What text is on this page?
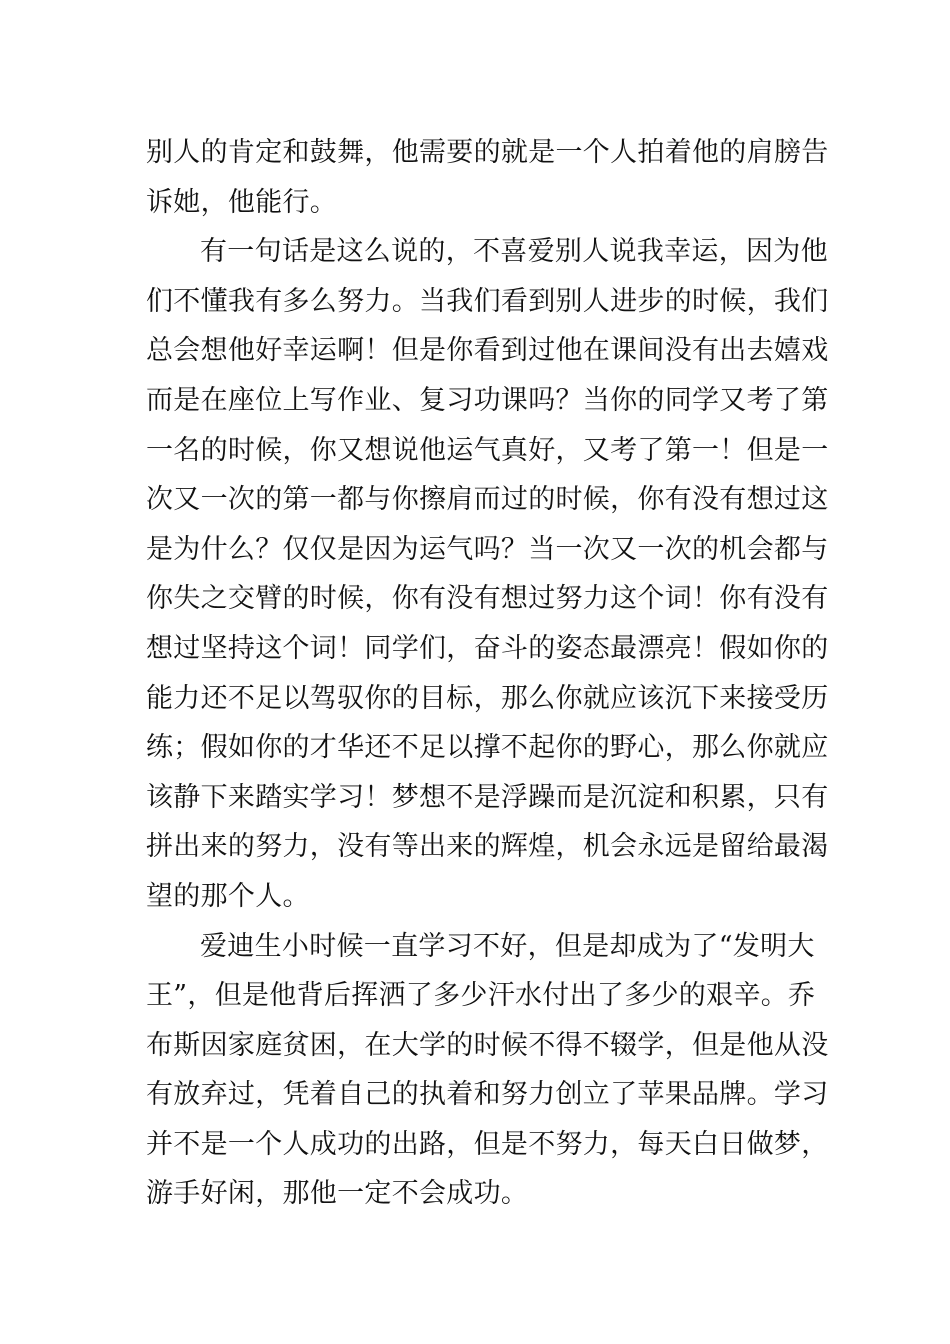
别人的肯定和鼓舞，他需要的就是一个人拍着他的肩膀告
诉她，他能行。
有一句话是这么说的，不喜爱别人说我幸运，因为他
们不懂我有多么努力。当我们看到别人进步的时候，我们
总会想他好幸运啊！但是你看到过他在课间没有出去嬉戏
而是在座位上写作业、复习功课吗？当你的同学又考了第
一名的时候，你又想说他运气真好，又考了第一！但是一
次又一次的第一都与你擦肩而过的时候，你有没有想过这
是为什么？仅仅是因为运气吗？当一次又一次的机会都与
你失之交臂的时候，你有没有想过努力这个词！你有没有
想过坚持这个词！同学们，奋斗的姿态最漂亮！假如你的
能力还不足以驾驭你的目标，那么你就应该沉下来接受历
练；假如你的才华还不足以撑不起你的野心，那么你就应
该静下来踏实学习！梦想不是浮躁而是沉淀和积累，只有
拼出来的努力，没有等出来的辉煌，机会永远是留给最渴
望的那个人。
爱迪生小时候一直学习不好，但是却成为了“发明大
王”，但是他背后挥洒了多少汗水付出了多少的艰辛。乔
布斯因家庭贫困，在大学的时候不得不辍学，但是他从没
有放弃过，凭着自己的执着和努力创立了苹果品牌。学习
并不是一个人成功的出路，但是不努力，每天白日做梦，
游手好闲，那他一定不会成功。
